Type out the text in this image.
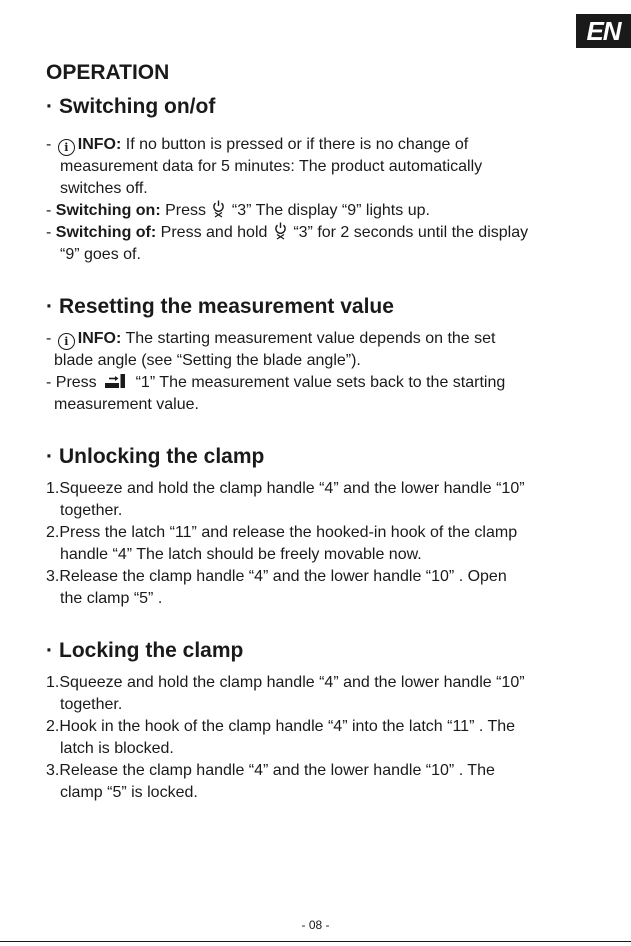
EN
OPERATION
· Switching on/of

- i INFO: If no button is pressed or if there is no change of

measurement data for 5 minutes: The product automatically

switches off.

- Switching on: Press “3” The display “9” lights up.

- Switching of: Press and hold “3” for 2 seconds until the display

“9” goes of.

· Resetting the measurement value

- i INFO: The starting measurement value depends on the set

blade angle (see “Setting the blade angle”).

- Press “1” The measurement value sets back to the starting

measurement value.

· Unlocking the clamp

1.Squeeze and hold the clamp handle “4” and the lower handle “10”

together.

2.Press the latch “11” and release the hooked-in hook of the clamp

handle “4” The latch should be freely movable now.

3.Release the clamp handle “4” and the lower handle “10” . Open

the clamp “5” .

· Locking the clamp

1.Squeeze and hold the clamp handle “4” and the lower handle “10”

together.

2.Hook in the hook of the clamp handle “4” into the latch “11” . The

latch is blocked.

3.Release the clamp handle “4” and the lower handle “10” . The

clamp “5” is locked.

- 08 -
